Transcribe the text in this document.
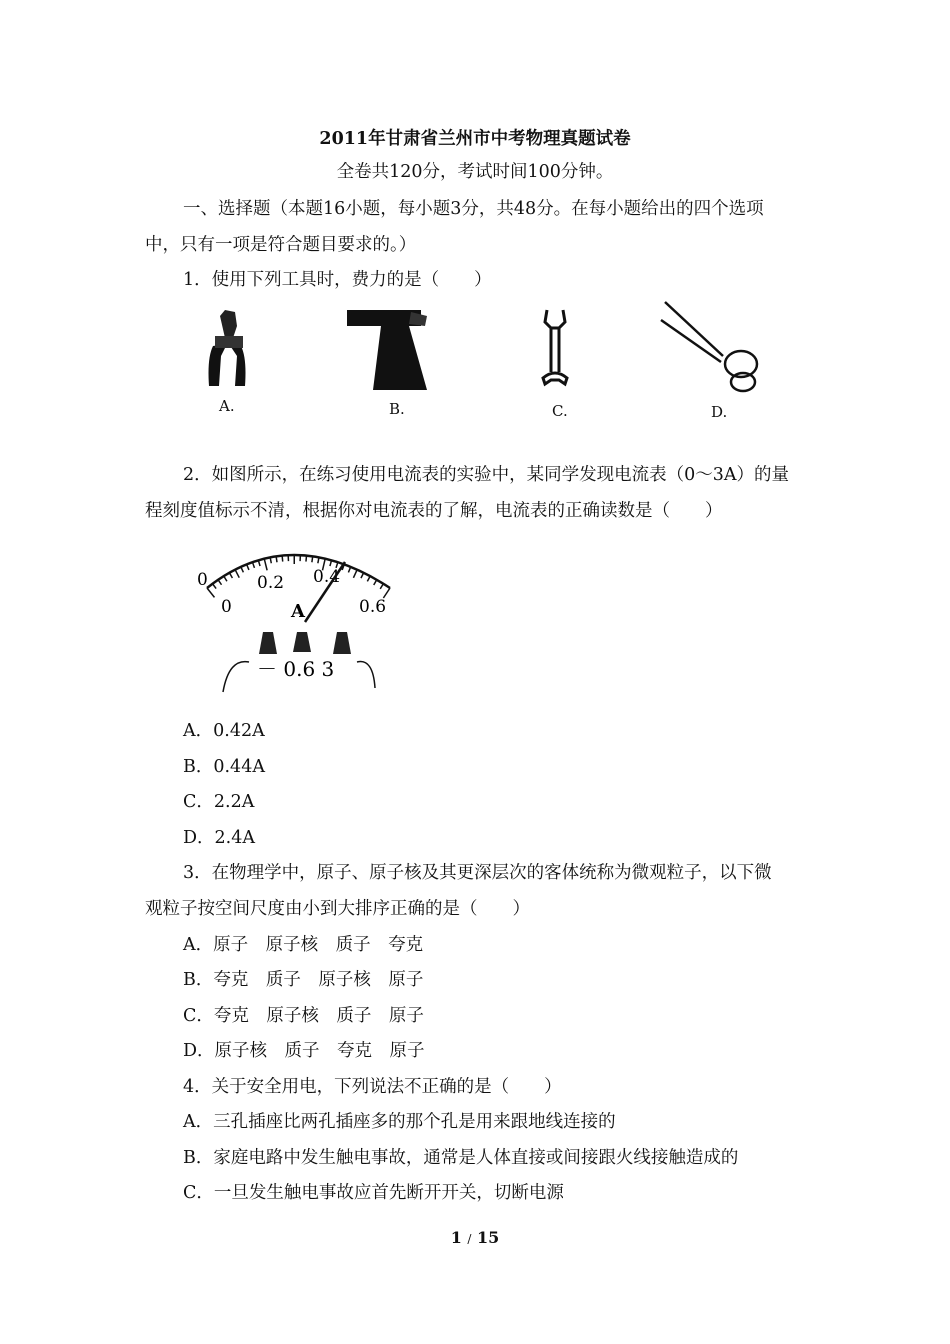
2011年甘肃省兰州市中考物理真题试卷
全卷共120分，考试时间100分钟。
一、选择题（本题16小题，每小题3分，共48分。在每小题给出的四个选项
中，只有一项是符合题目要求的。）
1．使用下列工具时，费力的是（　　）
A.	B.	C.	D.
2．如图所示，在练习使用电流表的实验中，某同学发现电流表（0～3A）的量
程刻度值标示不清，根据你对电流表的了解，电流表的正确读数是（　　）
0	0.2 0.4
0.6
0	A
－ 0.6 3
A．0.42A
B．0.44A
C．2.2A
D．2.4A
3．在物理学中，原子、原子核及其更深层次的客体统称为微观粒子，以下微
观粒子按空间尺度由小到大排序正确的是（　　）
A．原子　原子核　质子　夸克
B．夸克　质子　原子核　原子
C．夸克　原子核　质子　原子
D．原子核　质子　夸克　原子
4．关于安全用电，下列说法不正确的是（　　）
A．三孔插座比两孔插座多的那个孔是用来跟地线连接的
B．家庭电路中发生触电事故，通常是人体直接或间接跟火线接触造成的
C．一旦发生触电事故应首先断开开关，切断电源
1 / 15
